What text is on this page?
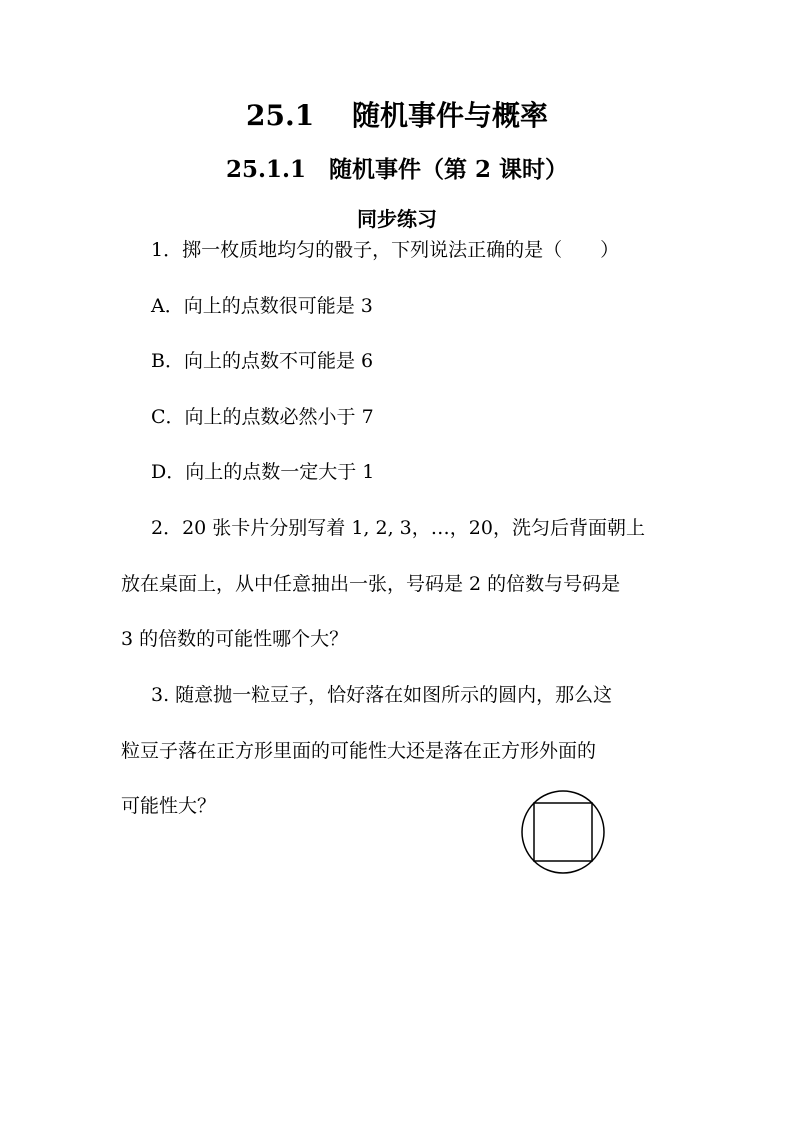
25.1　 随机事件与概率
25.1.1　随机事件（第 2 课时）
同步练习
1．掷一枚质地均匀的骰子，下列说法正确的是（　　）
A．向上的点数很可能是 3
B．向上的点数不可能是 6
C．向上的点数必然小于 7
D．向上的点数一定大于 1
2．20 张卡片分别写着 1, 2, 3，…，20，洗匀后背面朝上
放在桌面上，从中任意抽出一张，号码是 2 的倍数与号码是
3 的倍数的可能性哪个大？
3. 随意抛一粒豆子，恰好落在如图所示的圆内，那么这
粒豆子落在正方形里面的可能性大还是落在正方形外面的
可能性大？
